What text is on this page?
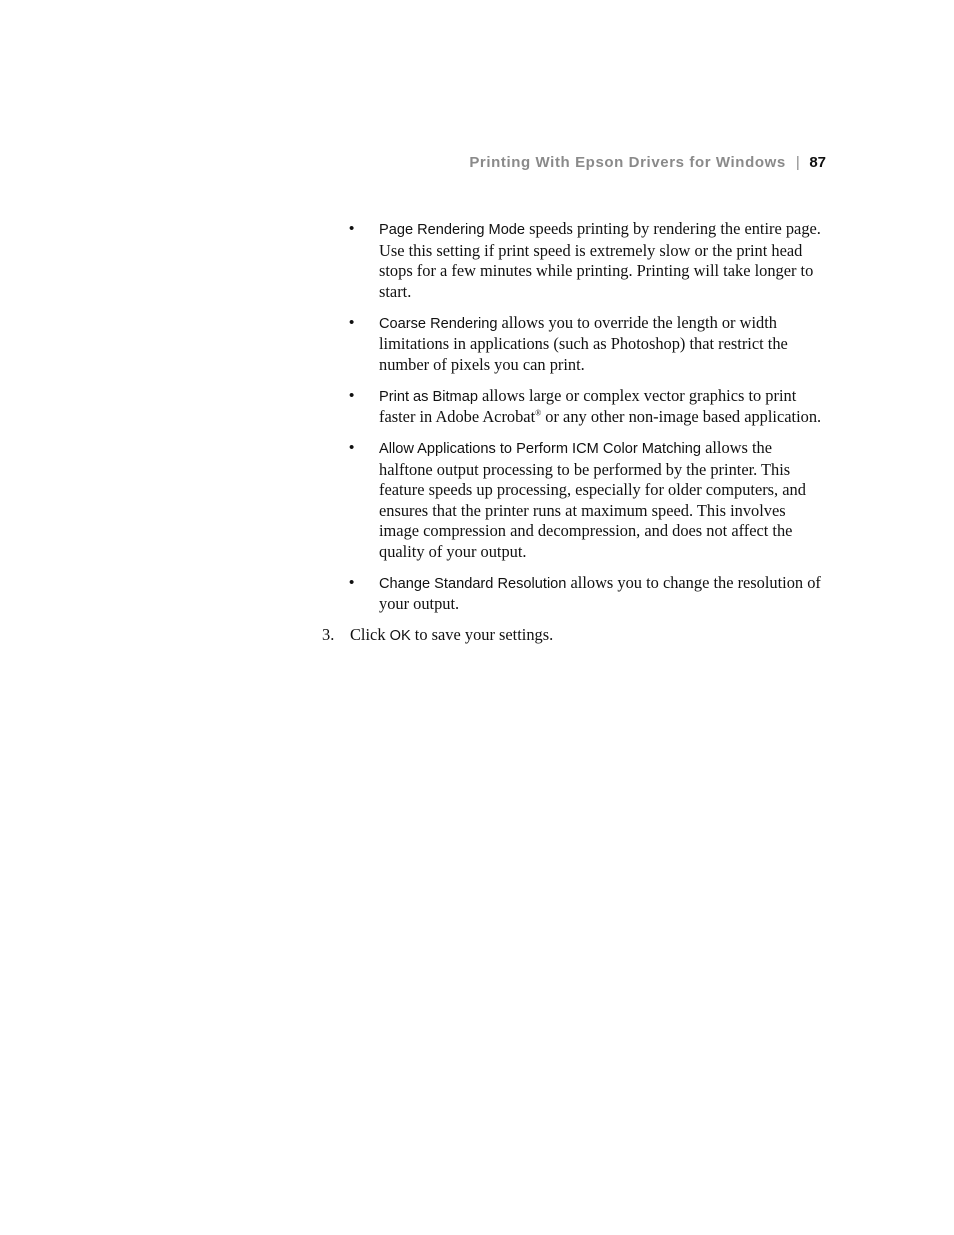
Printing With Epson Drivers for Windows | 87
• Page Rendering Mode speeds printing by rendering the entire page. Use this setting if print speed is extremely slow or the print head stops for a few minutes while printing. Printing will take longer to start.
• Coarse Rendering allows you to override the length or width limitations in applications (such as Photoshop) that restrict the number of pixels you can print.
• Print as Bitmap allows large or complex vector graphics to print faster in Adobe Acrobat® or any other non-image based application.
• Allow Applications to Perform ICM Color Matching allows the halftone output processing to be performed by the printer. This feature speeds up processing, especially for older computers, and ensures that the printer runs at maximum speed. This involves image compression and decompression, and does not affect the quality of your output.
• Change Standard Resolution allows you to change the resolution of your output.
3. Click OK to save your settings.
